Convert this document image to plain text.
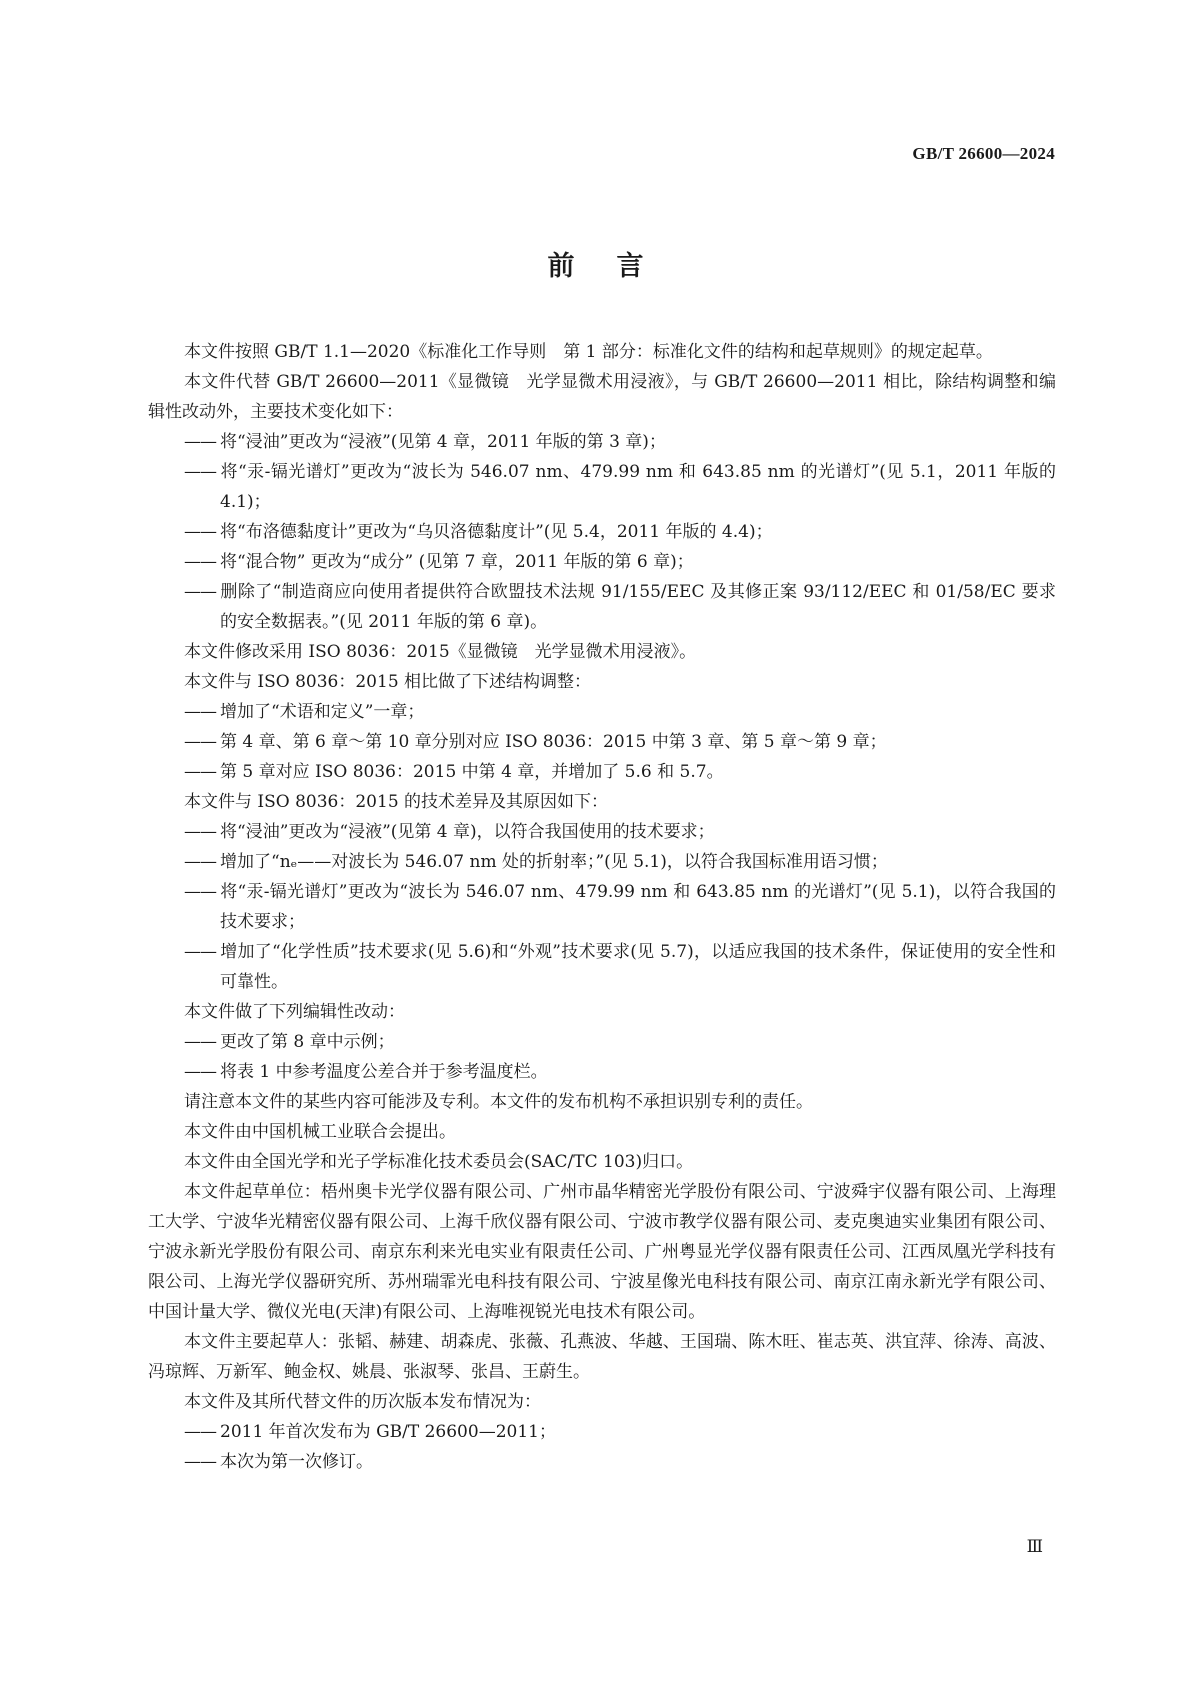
GB/T 26600—2024
前言

本文件按照 GB/T 1.1—2020《标准化工作导则　第 1 部分：标准化文件的结构和起草规则》的规定起草。

本文件代替 GB/T 26600—2011《显微镜　光学显微术用浸液》，与 GB/T 26600—2011 相比，除结构调整和编辑性改动外，主要技术变化如下：

—— 将“浸油”更改为“浸液”(见第 4 章，2011 年版的第 3 章)；

—— 将“汞-镉光谱灯”更改为“波长为 546.07 nm、479.99 nm 和 643.85 nm 的光谱灯”(见 5.1，2011 年版的 4.1)；

—— 将“布洛德黏度计”更改为“乌贝洛德黏度计”(见 5.4，2011 年版的 4.4)；

—— 将“混合物” 更改为“成分” (见第 7 章，2011 年版的第 6 章)；

—— 删除了“制造商应向使用者提供符合欧盟技术法规 91/155/EEC 及其修正案 93/112/EEC 和 01/58/EC 要求的安全数据表。”(见 2011 年版的第 6 章)。

本文件修改采用 ISO 8036：2015《显微镜　光学显微术用浸液》。

本文件与 ISO 8036：2015 相比做了下述结构调整：

—— 增加了“术语和定义”一章；

—— 第 4 章、第 6 章～第 10 章分别对应 ISO 8036：2015 中第 3 章、第 5 章～第 9 章；

—— 第 5 章对应 ISO 8036：2015 中第 4 章，并增加了 5.6 和 5.7。

本文件与 ISO 8036：2015 的技术差异及其原因如下：

—— 将“浸油”更改为“浸液”(见第 4 章)，以符合我国使用的技术要求；

—— 增加了“nₑ——对波长为 546.07 nm 处的折射率；”(见 5.1)，以符合我国标准用语习惯；

—— 将“汞-镉光谱灯”更改为“波长为 546.07 nm、479.99 nm 和 643.85 nm 的光谱灯”(见 5.1)，以符合我国的技术要求；

—— 增加了“化学性质”技术要求(见 5.6)和“外观”技术要求(见 5.7)，以适应我国的技术条件，保证使用的安全性和可靠性。

本文件做了下列编辑性改动：

—— 更改了第 8 章中示例；

—— 将表 1 中参考温度公差合并于参考温度栏。

请注意本文件的某些内容可能涉及专利。本文件的发布机构不承担识别专利的责任。

本文件由中国机械工业联合会提出。

本文件由全国光学和光子学标准化技术委员会(SAC/TC 103)归口。

本文件起草单位：梧州奥卡光学仪器有限公司、广州市晶华精密光学股份有限公司、宁波舜宇仪器有限公司、上海理工大学、宁波华光精密仪器有限公司、上海千欣仪器有限公司、宁波市教学仪器有限公司、麦克奥迪实业集团有限公司、宁波永新光学股份有限公司、南京东利来光电实业有限责任公司、广州粤显光学仪器有限责任公司、江西凤凰光学科技有限公司、上海光学仪器研究所、苏州瑞霏光电科技有限公司、宁波星像光电科技有限公司、南京江南永新光学有限公司、中国计量大学、微仪光电(天津)有限公司、上海唯视锐光电技术有限公司。

本文件主要起草人：张韬、赫建、胡森虎、张薇、孔燕波、华越、王国瑞、陈木旺、崔志英、洪宜萍、徐涛、高波、冯琼辉、万新军、鲍金权、姚晨、张淑琴、张昌、王蔚生。

本文件及其所代替文件的历次版本发布情况为：

—— 2011 年首次发布为 GB/T 26600—2011；

—— 本次为第一次修订。

Ⅲ
